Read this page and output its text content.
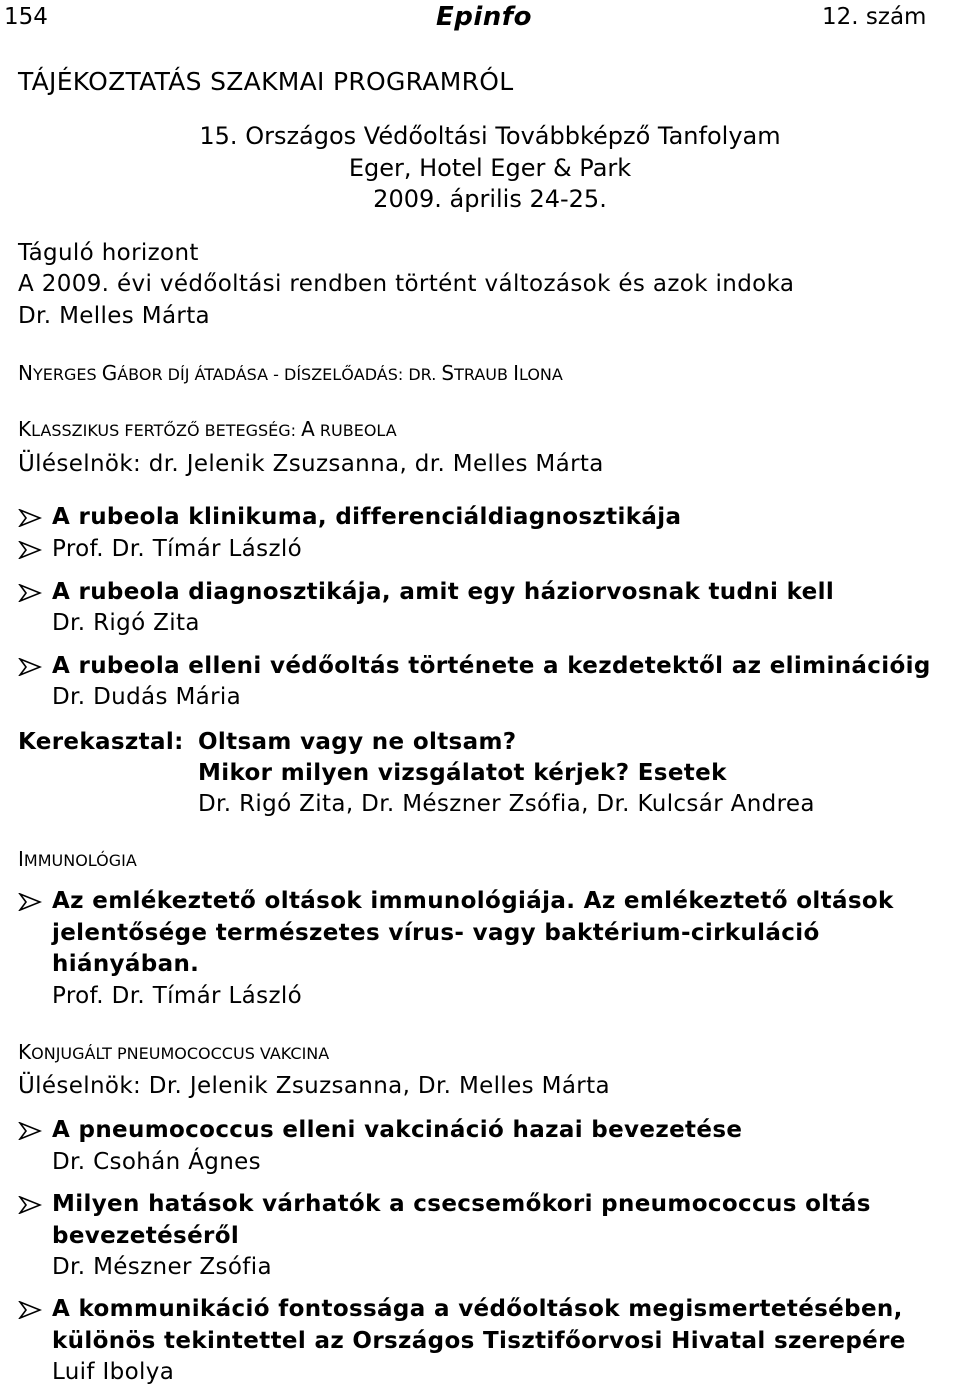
154	Epinfo	12. szám
TÁJÉKOZTATÁS SZAKMAI PROGRAMRÓL
15. Országos Védőoltási Továbbképző Tanfolyam
Eger, Hotel Eger & Park
2009. április 24-25.
Táguló horizont
A 2009. évi védőoltási rendben történt változások és azok indoka
Dr. Melles Márta
NYERGES GÁBOR DÍJ ÁTADÁSA - DÍSZELŐADÁS: DR. STRAUB ILONA
KLASSZIKUS FERTŐZŐ BETEGSÉG: A RUBEOLA
Üléselnök: dr. Jelenik Zsuzsanna, dr. Melles Márta
A rubeola klinikuma, differenciáldiagnosztikája
Prof. Dr. Tímár László
A rubeola diagnosztikája, amit egy háziorvosnak tudni kell
Dr. Rigó Zita
A rubeola elleni védőoltás története a kezdetektől az eliminációig
Dr. Dudás Mária
Kerekasztal: Oltsam vagy ne oltsam?
Mikor milyen vizsgálatot kérjek? Esetek
Dr. Rigó Zita, Dr. Mészner Zsófia, Dr. Kulcsár Andrea
IMMUNOLÓGIA
Az emlékeztető oltások immunológiája. Az emlékeztető oltások
jelentősége természetes vírus- vagy baktérium-cirkuláció
hiányában.
Prof. Dr. Tímár László
KONJUGÁLT PNEUMOCOCCUS VAKCINA
Üléselnök: Dr. Jelenik Zsuzsanna, Dr. Melles Márta
A pneumococcus elleni vakcináció hazai bevezetése
Dr. Csohán Ágnes
Milyen hatások várhatók a csecsemőkori pneumococcus oltás
bevezetéséről
Dr. Mészner Zsófia
A kommunikáció fontossága a védőoltások megismertetésében,
különös tekintettel az Országos Tisztifőorvosi Hivatal szerepére
Luif Ibolya
